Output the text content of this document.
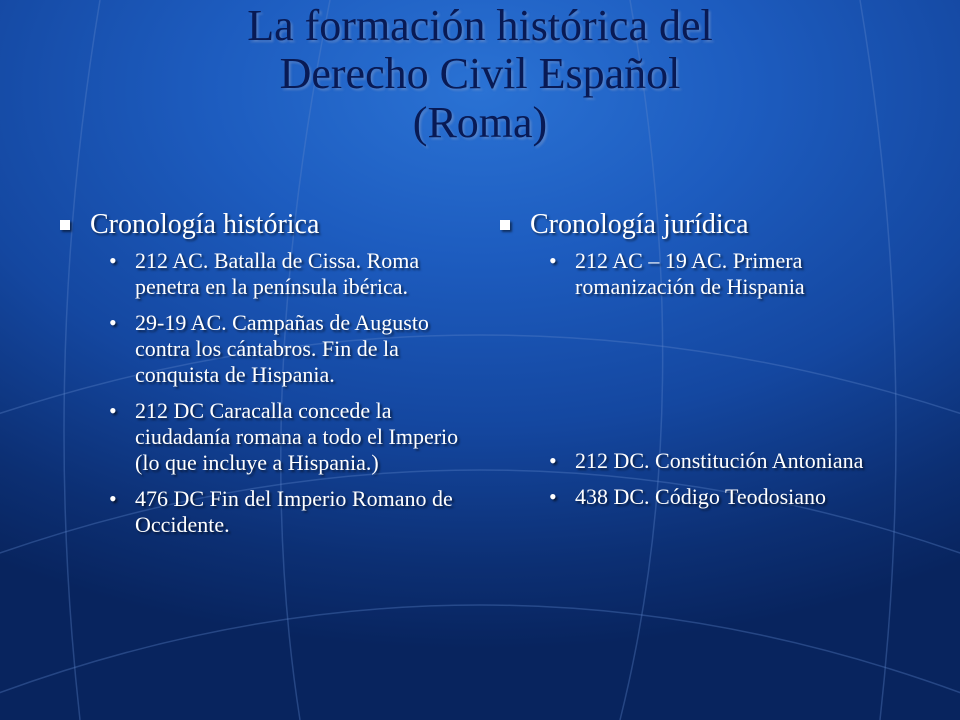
La formación histórica del
Derecho Civil Español
(Roma)
Cronología histórica
• 212 AC. Batalla de Cissa. Roma penetra en la península ibérica.
• 29-19 AC. Campañas de Augusto contra los cántabros. Fin de la conquista de Hispania.
• 212 DC Caracalla concede la ciudadanía romana a todo el Imperio (lo que incluye a Hispania.)
• 476 DC Fin del Imperio Romano de Occidente.
Cronología jurídica
• 212 AC – 19 AC. Primera romanización de Hispania
• 212 DC. Constitución Antoniana
• 438 DC. Código Teodosiano
